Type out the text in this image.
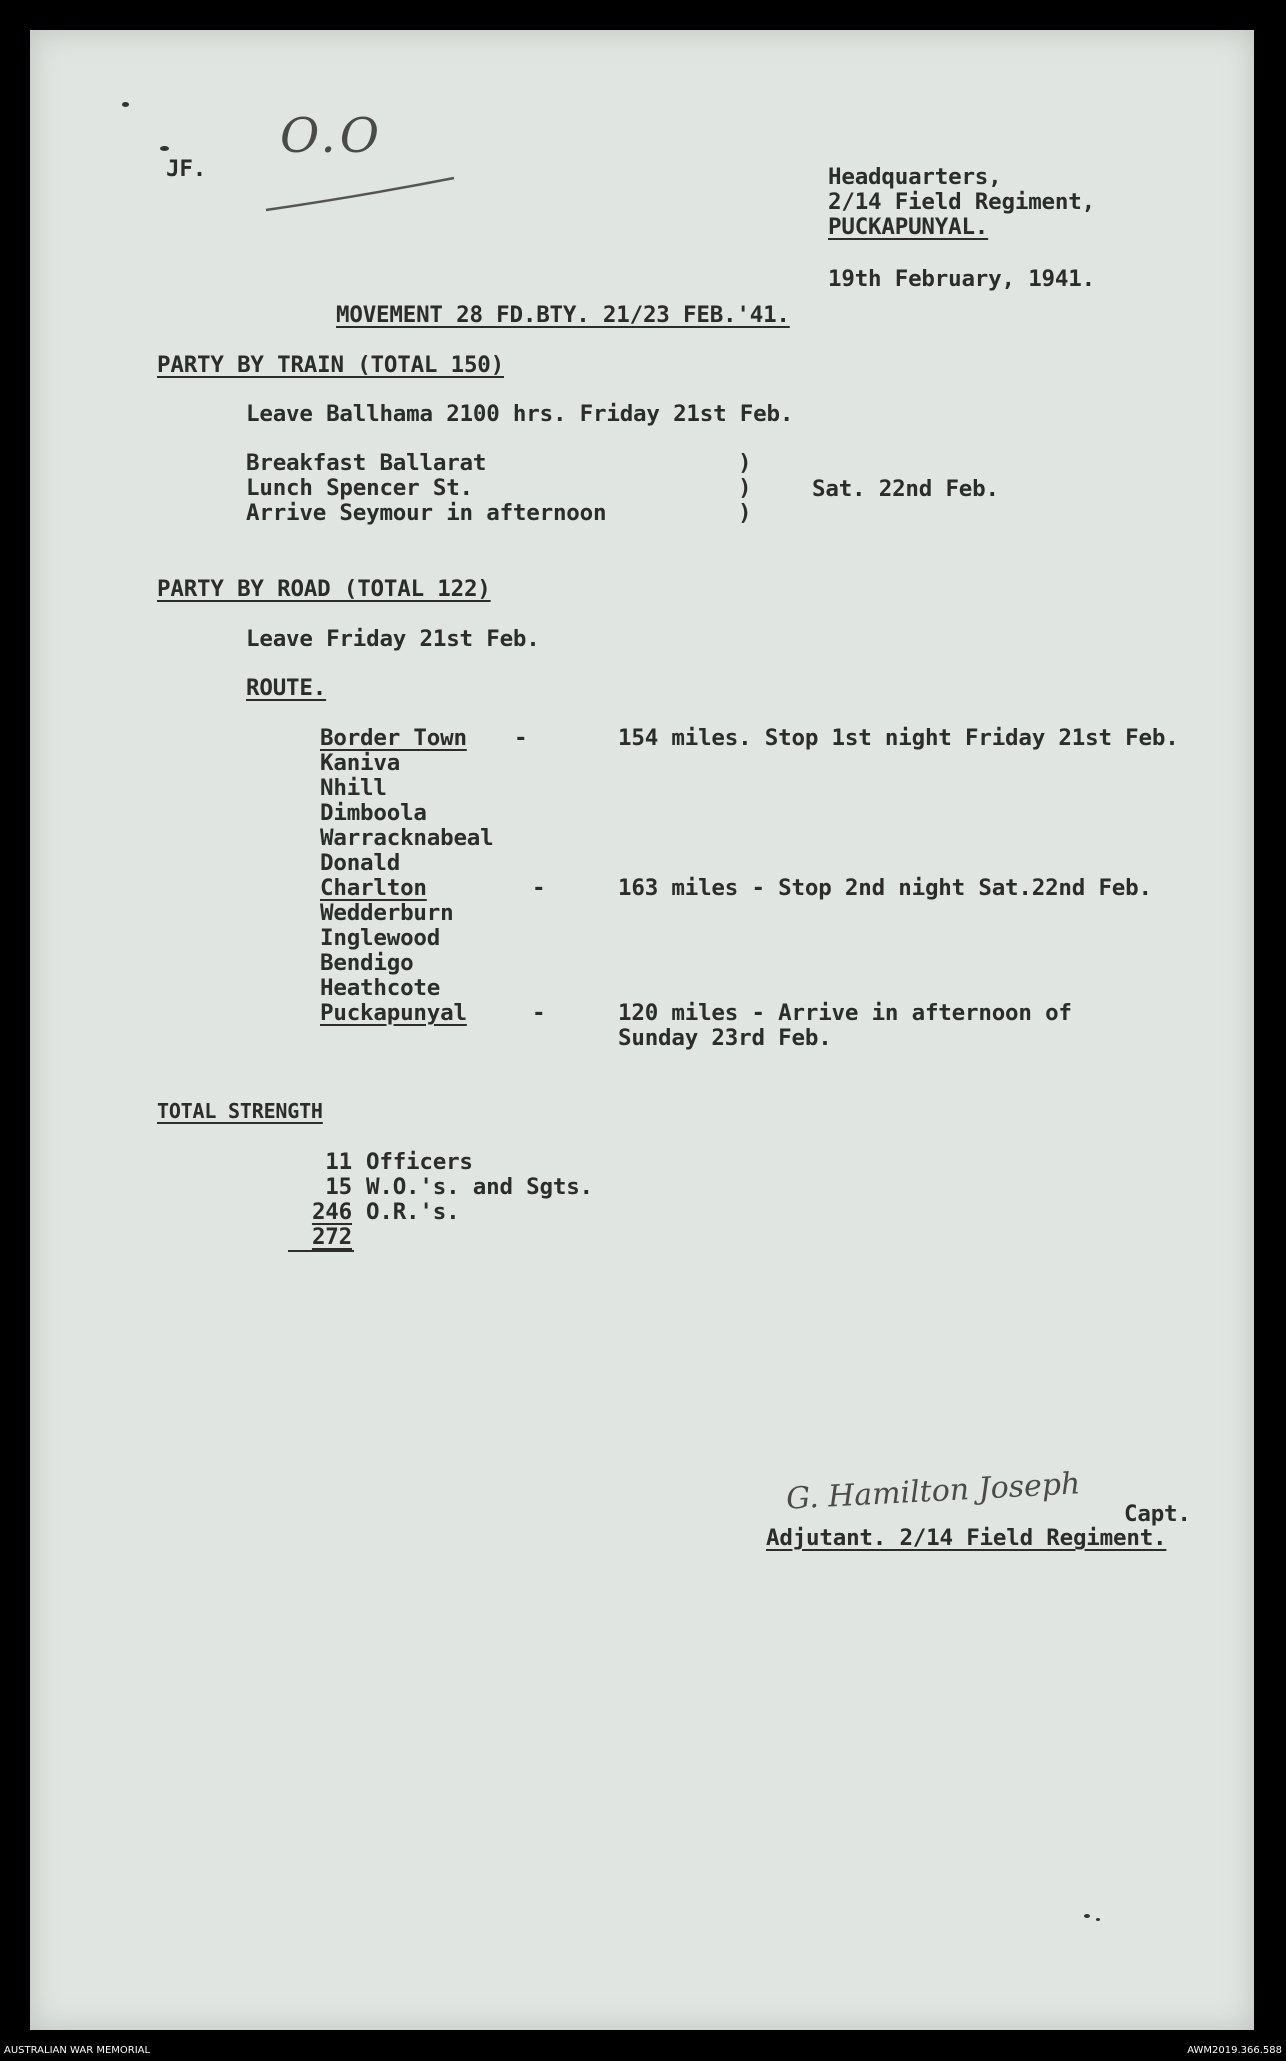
JF.
O.O
Headquarters,
2/14 Field Regiment,
PUCKAPUNYAL.
19th February, 1941.
MOVEMENT 28 FD.BTY. 21/23 FEB.'41.
PARTY BY TRAIN (TOTAL 150)
Leave Ballhama 2100 hrs. Friday 21st Feb.
Breakfast Ballarat
Lunch Spencer St.
Arrive Seymour in afternoon
)
)
)
Sat. 22nd Feb.
PARTY BY ROAD (TOTAL 122)
Leave Friday 21st Feb.
ROUTE.
Border Town
Kaniva
Nhill
Dimboola
Warracknabeal
Donald
Charlton
Wedderburn
Inglewood
Bendigo
Heathcote
Puckapunyal
-
-
-
154 miles. Stop 1st night Friday 21st Feb.
163 miles - Stop 2nd night Sat.22nd Feb.
120 miles - Arrive in afternoon of
Sunday 23rd Feb.
TOTAL STRENGTH
11 Officers
15 W.O.'s. and Sgts.
246 O.R.'s.
272
G. Hamilton Joseph Capt.
Adjutant. 2/14 Field Regiment.
AUSTRALIAN WAR MEMORIAL	AWM2019.366.588
